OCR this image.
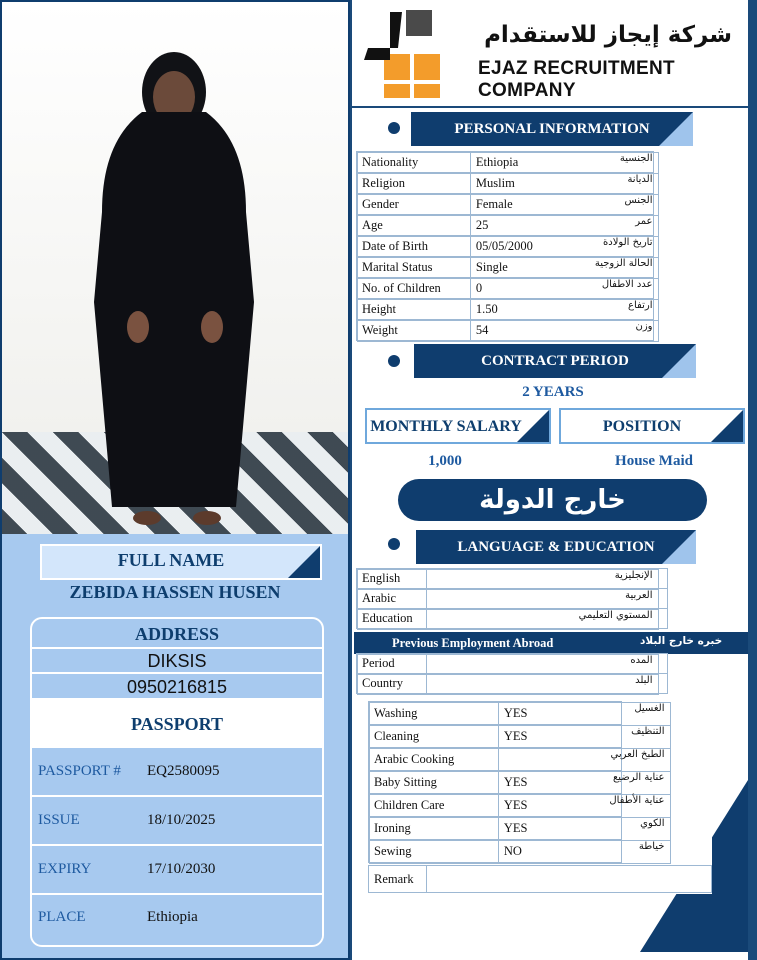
FULL NAME
ZEBIDA HASSEN HUSEN
ADDRESS
DIKSIS
0950216815
PASSPORT
PASSPORT # EQ2580095
ISSUE	18/10/2025
EXPIRY	17/10/2030
PLACE	Ethiopia
شركة إيجاز للاستقدام
EJAZ RECRUITMENT COMPANY
PERSONAL INFORMATION
Nationality	Ethiopia		الجنسية

Religion	Muslim		الديانة

Gender	Female		الجنس

Age	25		عمر

Date of Birth	05/05/2000		تاريخ الولادة

Marital Status	Single		الحالة الزوجية

No. of Children	0		عدد الاطفال

Height	1.50		ارتفاع

Weight	54		وزن
CONTRACT PERIOD
2 YEARS
MONTHLY SALARY	POSITION
1,000	House Maid
خارج الدولة
LANGUAGE & EDUCATION
English			الإنجليزية

Arabic			العربية

Education			المستوي التعليمي
Previous Employment Abroad	خبره خارج البلاد
Period			المده

Country			البلد
Washing	YES		الغسيل

Cleaning	YES		التنظيف

Arabic Cooking			الطبخ العربي

Baby Sitting	YES		عناية الرضيع

Children Care	YES		عناية الأطفال

Ironing	YES		الكوي

Sewing	NO		خياطة
Remark	
